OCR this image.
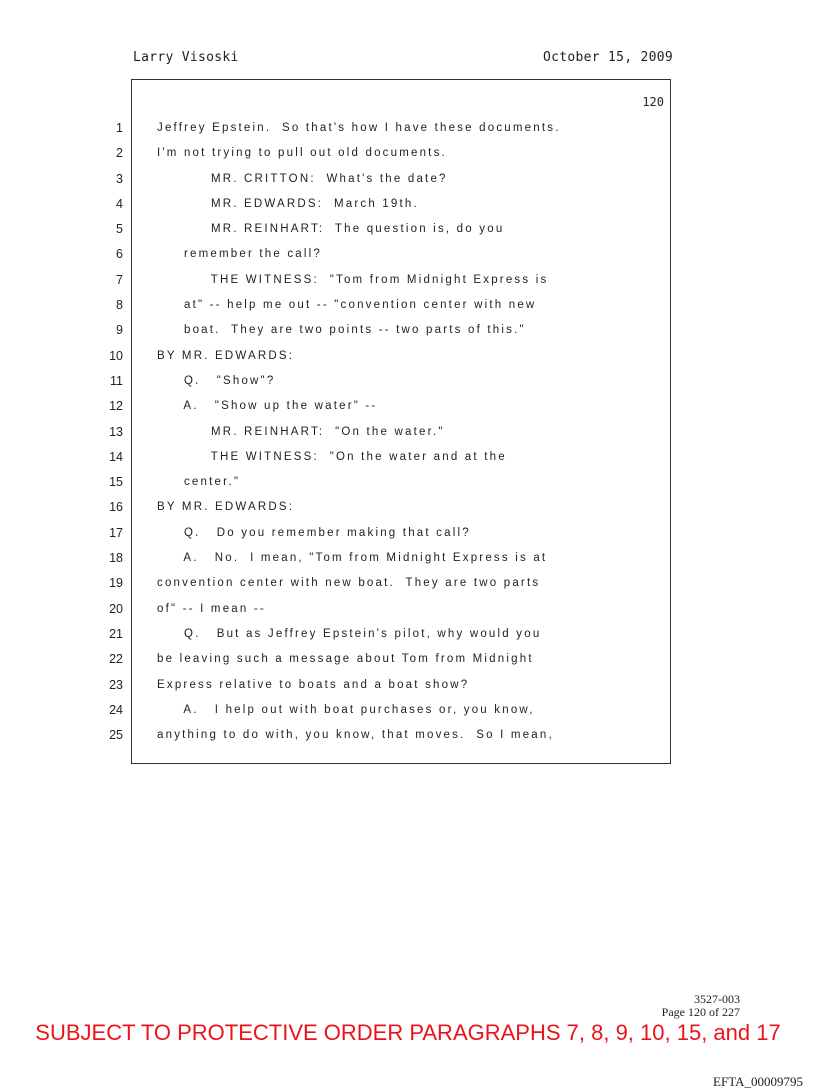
Larry Visoski	October 15, 2009
120
1	Jeffrey Epstein.  So that's how I have these documents.
2	I'm not trying to pull out old documents.
3	MR. CRITTON:  What's the date?
4	MR. EDWARDS:  March 19th.
5	MR. REINHART:  The question is, do you
6	remember the call?
7	THE WITNESS:  "Tom from Midnight Express is
8	at" -- help me out -- "convention center with new
9	boat.  They are two points -- two parts of this."
10	BY MR. EDWARDS:
11	Q.   "Show"?
12	A.   "Show up the water" --
13	MR. REINHART:  "On the water."
14	THE WITNESS:  "On the water and at the
15	center."
16	BY MR. EDWARDS:
17	Q.   Do you remember making that call?
18	A.   No.  I mean, "Tom from Midnight Express is at
19	convention center with new boat.  They are two parts
20	of" -- I mean --
21	Q.   But as Jeffrey Epstein's pilot, why would you
22	be leaving such a message about Tom from Midnight
23	Express relative to boats and a boat show?
24	A.   I help out with boat purchases or, you know,
25	anything to do with, you know, that moves.  So I mean,
3527-003
Page 120 of 227
SUBJECT TO PROTECTIVE ORDER PARAGRAPHS 7, 8, 9, 10, 15, and 17
EFTA_00009795
